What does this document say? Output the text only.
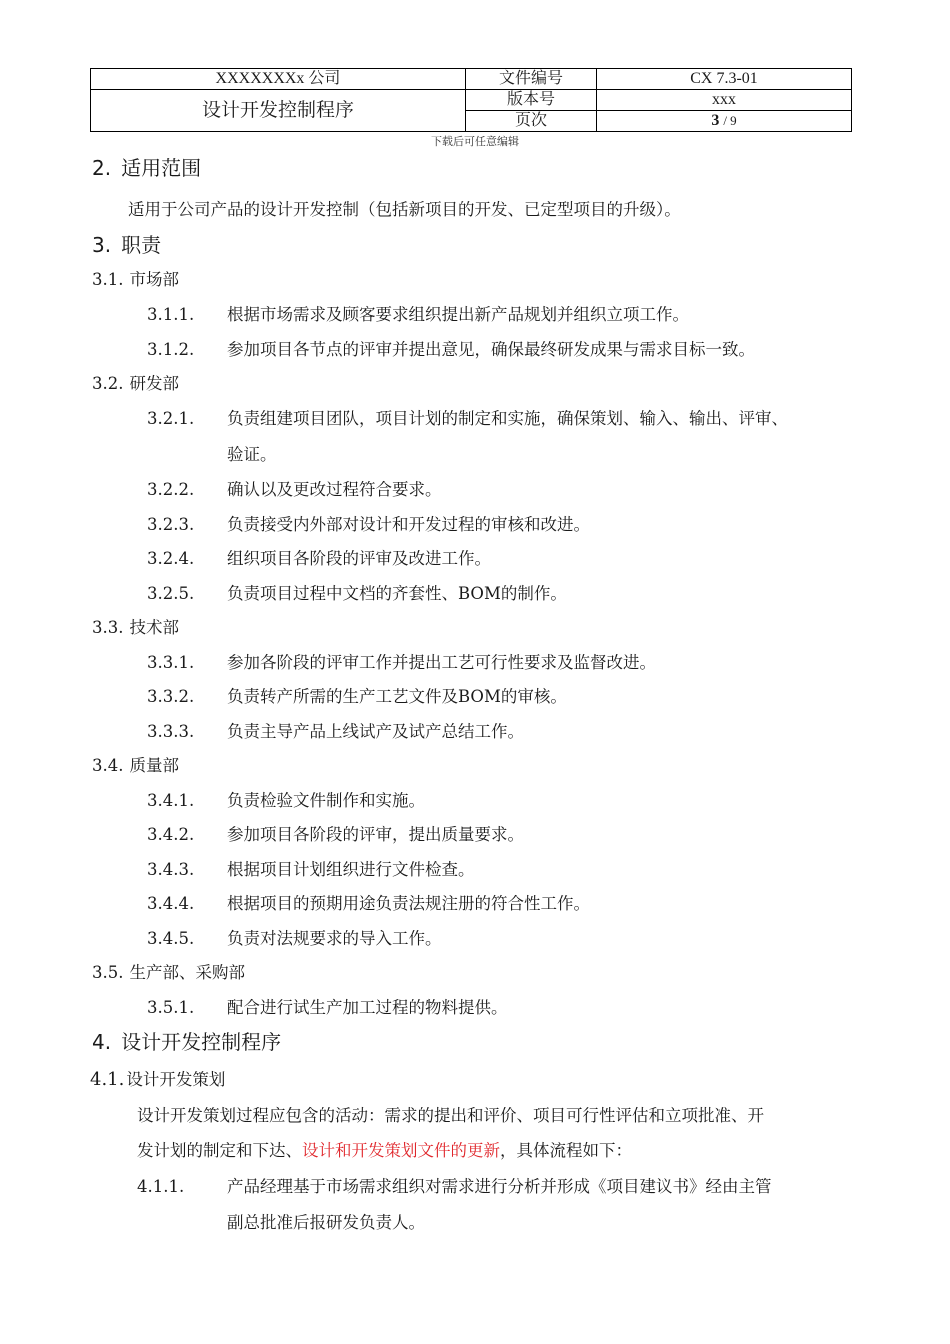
XXXXXXXx 公司	文件编号	CX 7.3-01
设计开发控制程序	版本号	xxx
	页次	3 / 9
下载后可任意编辑
2. 适用范围
适用于公司产品的设计开发控制（包括新项目的开发、已定型项目的升级）。
3. 职责
3.1. 市场部
3.1.1. 根据市场需求及顾客要求组织提出新产品规划并组织立项工作。
3.1.2. 参加项目各节点的评审并提出意见，确保最终研发成果与需求目标一致。
3.2. 研发部
3.2.1. 负责组建项目团队，项目计划的制定和实施，确保策划、输入、输出、评审、
验证。
3.2.2. 确认以及更改过程符合要求。
3.2.3. 负责接受内外部对设计和开发过程的审核和改进。
3.2.4. 组织项目各阶段的评审及改进工作。
3.2.5. 负责项目过程中文档的齐套性、BOM的制作。
3.3. 技术部
3.3.1. 参加各阶段的评审工作并提出工艺可行性要求及监督改进。
3.3.2. 负责转产所需的生产工艺文件及BOM的审核。
3.3.3. 负责主导产品上线试产及试产总结工作。
3.4. 质量部
3.4.1. 负责检验文件制作和实施。
3.4.2. 参加项目各阶段的评审，提出质量要求。
3.4.3. 根据项目计划组织进行文件检查。
3.4.4. 根据项目的预期用途负责法规注册的符合性工作。
3.4.5. 负责对法规要求的导入工作。
3.5. 生产部、采购部
3.5.1. 配合进行试生产加工过程的物料提供。
4. 设计开发控制程序
4.1. 设计开发策划
设计开发策划过程应包含的活动：需求的提出和评价、项目可行性评估和立项批准、开
发计划的制定和下达、设计和开发策划文件的更新，具体流程如下：
4.1.1.	产品经理基于市场需求组织对需求进行分析并形成《项目建议书》经由主管
副总批准后报研发负责人。
